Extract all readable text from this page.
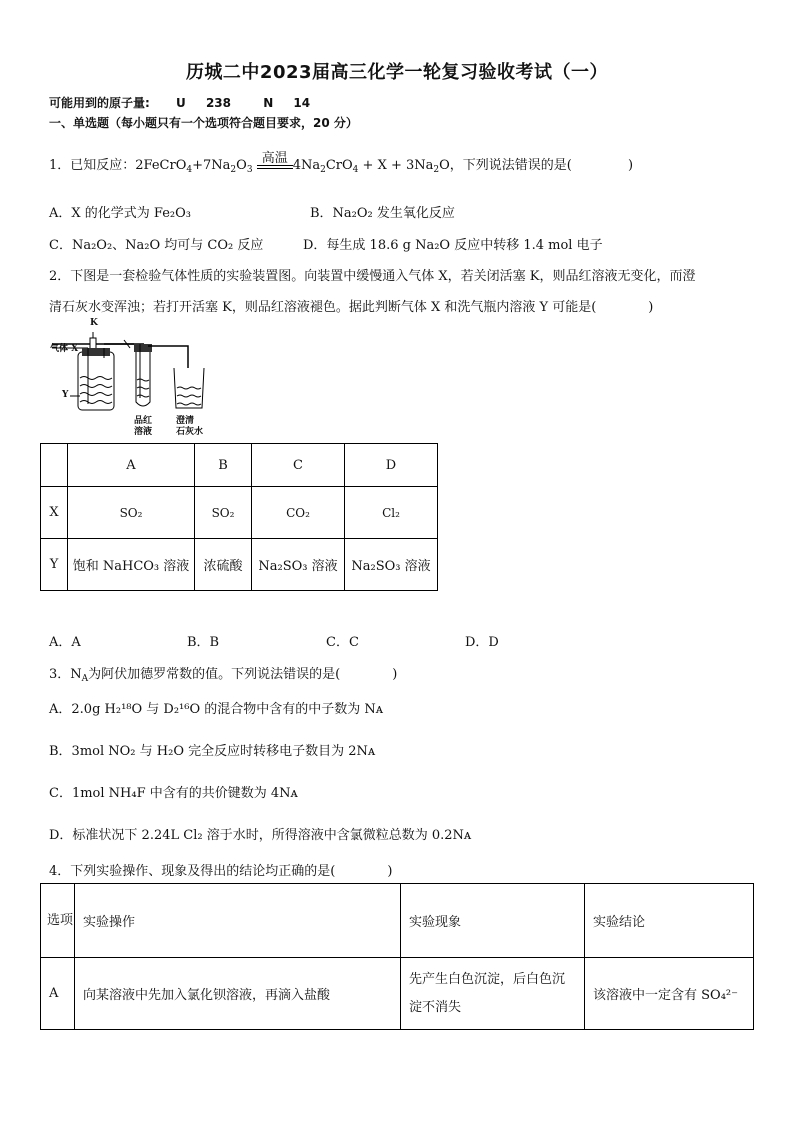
历城二中2023届高三化学一轮复习验收考试（一）
可能用到的原子量: U 238	N 14
一、单选题（每小题只有一个选项符合题目要求，20 分）
1．已知反应：$2FeCrO_4+7Na_2O_3$
高温 $4Na_2CrO_4 + X + 3Na_2O$，下列说法错误的是(	)
A．X 的化学式为 Fe₂O₃	B．Na₂O₂ 发生氧化反应
C．Na₂O₂、Na₂O 均可与 CO₂ 反应	D．每生成 18.6 g Na₂O 反应中转移 1.4 mol 电子
2．下图是一套检验气体性质的实验装置图。向装置中缓慢通入气体 X，若关闭活塞 K，则品红溶液无变化，而澄
清石灰水变浑浊；若打开活塞 K，则品红溶液褪色。据此判断气体 X 和洗气瓶内溶液 Y 可能是(	)
K
气体 X
Y
品红
溶液
澄清
石灰水
	A	B	C	D
X	SO₂	SO₂	CO₂	Cl₂
Y	饱和 NaHCO₃ 溶液	浓硫酸	Na₂SO₃ 溶液	Na₂SO₃ 溶液
A．A	B．B	C．C	D．D
3．$N_A$为阿伏加德罗常数的值。下列说法错误的是(	)
A．2.0g H₂¹⁸O 与 D₂¹⁶O 的混合物中含有的中子数为 Nᴀ
B．3mol NO₂ 与 H₂O 完全反应时转移电子数目为 2Nᴀ
C．1mol NH₄F 中含有的共价键数为 4Nᴀ
D．标准状况下 2.24L Cl₂ 溶于水时，所得溶液中含氯微粒总数为 0.2Nᴀ
4．下列实验操作、现象及得出的结论均正确的是(	)
选项	实验操作	实验现象	实验结论
A	向某溶液中先加入氯化钡溶液，再滴入盐酸	先产生白色沉淀，后白色沉淀不消失	该溶液中一定含有 SO₄²⁻
